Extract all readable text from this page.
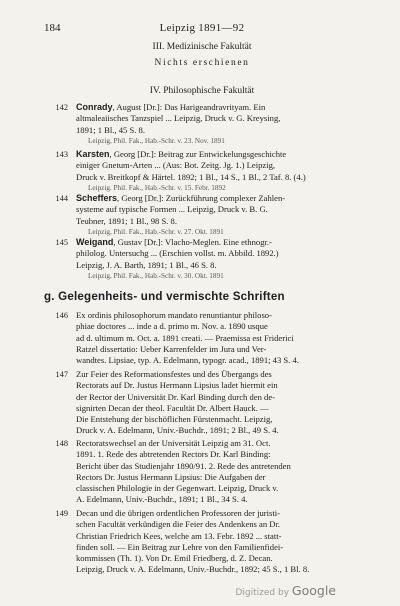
184	Leipzig 1891—92
III. Medizinische Fakultät
Nichts erschienen
IV. Philosophische Fakultät
142 Conrady, August [Dr.]: Das Harigeandravrityam. Ein
altmaleaiisches Tanzspiel ... Leipzig, Druck v. G. Kreysing,
1891; 1 Bl., 45 S. 8.
Leipzig, Phil. Fak., Hab.-Schr. v. 23. Nov. 1891
143 Karsten, Georg [Dr.]: Beitrag zur Entwickelungsgeschichte
einiger Gnetum-Arten ... (Aus: Bot. Zeitg. Jg. 1.) Leipzig,
Druck v. Breitkopf & Härtel. 1892; 1 Bl., 14 S., 1 Bl., 2 Taf. 8. (4.)
Leipzig. Phil. Fak., Hab.-Schr. v. 15. Febr. 1892
144 Scheffers, Georg [Dr.]: Zurückführung complexer Zahlen-
systeme auf typische Formen ... Leipzig, Druck v. B. G.
Teubner, 1891; 1 Bl., 98 S. 8.
Leipzig, Phil. Fak., Hab.-Schr. v. 27. Okt. 1891
145 Weigand, Gustav [Dr.]: Vlacho-Meglen. Eine ethnogr.-
philolog. Untersuchg ... (Erschien vollst. m. Abbild. 1892.)
Leipzig, J. A. Barth, 1891; 1 Bl., 46 S. 8.
Leipzig, Phil. Fak., Hab.-Schr. v. 30. Okt. 1891
g. Gelegenheits- und vermischte Schriften
146 Ex ordinis philosophorum mandato renuntiantur philoso-
phiae doctores ... inde a d. primo m. Nov. a. 1890 usque
ad d. ultimum m. Oct. a. 1891 creati. — Praemissa est Friderici
Ratzel dissertatio: Ueber Karrenfelder im Jura und Ver-
wandtes. Lipsiae, typ. A. Edelmann, typogr. acad., 1891; 43 S. 4.
147 Zur Feier des Reformationsfestes und des Übergangs des
Rectorats auf Dr. Justus Hermann Lipsius ladet hiermit ein
der Rector der Universität Dr. Karl Binding durch den de-
signirten Decan der theol. Facultät Dr. Albert Hauck. —
Die Entstehung der bischöflichen Fürstenmacht. Leipzig,
Druck v. A. Edelmann, Univ.-Buchdr., 1891; 2 Bl., 49 S. 4.
148 Rectoratswechsel an der Universität Leipzig am 31. Oct.
1891. 1. Rede des abtretenden Rectors Dr. Karl Binding:
Bericht über das Studienjahr 1890/91. 2. Rede des antretenden
Rectors Dr. Justus Hermann Lipsius: Die Aufgaben der
classischen Philologie in der Gegenwart. Leipzig, Druck v.
A. Edelmann, Univ.-Buchdr., 1891; 1 Bl., 34 S. 4.
149 Decan und die übrigen ordentlichen Professoren der juristi-
schen Facultät verkündigen die Feier des Andenkens an Dr.
Christian Friedrich Kees, welche am 13. Febr. 1892 ... statt-
finden soll. — Ein Beitrag zur Lehre von den Familienfidei-
kommissen (Th. 1). Von Dr. Emil Friedberg, d. Z. Decan.
Leipzig, Druck v. A. Edelmann, Univ.-Buchdr., 1892; 45 S., 1 Bl. 8.
Digitized by Google
